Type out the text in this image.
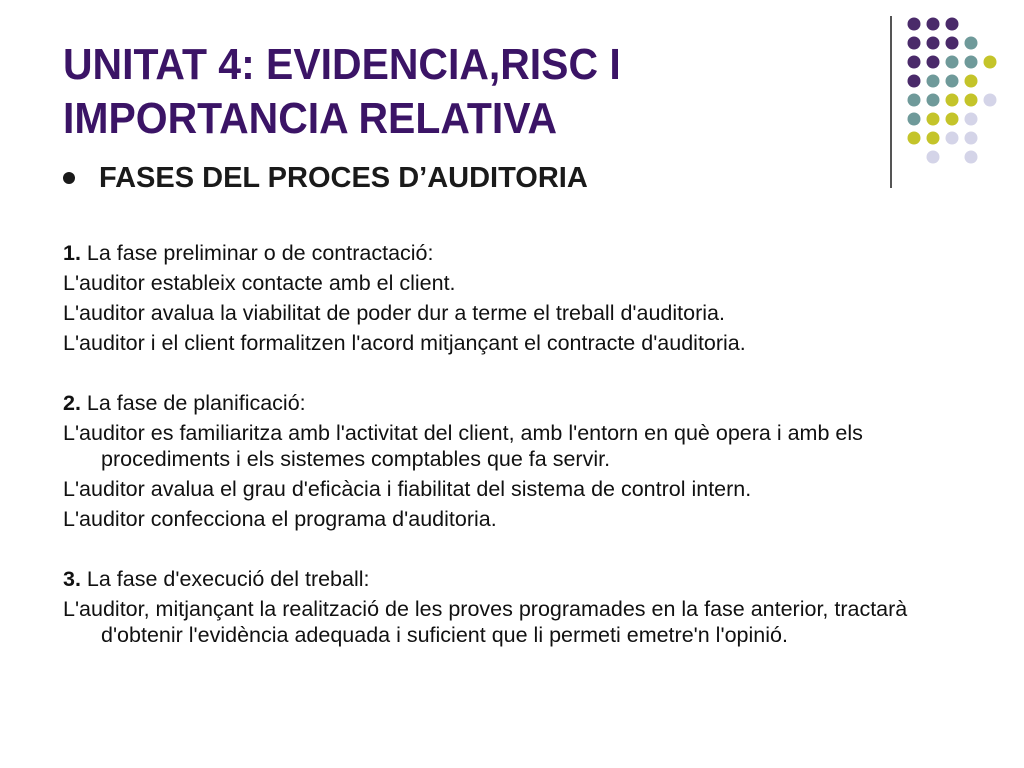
UNITAT 4: EVIDENCIA,RISC I
IMPORTANCIA RELATIVA
FASES DEL PROCES D’AUDITORIA

1. La fase preliminar o de contractació:

L'auditor estableix contacte amb el client.

L'auditor avalua la viabilitat de poder dur a terme el treball d'auditoria.

L'auditor i el client formalitzen l'acord mitjançant el contracte d'auditoria.

2. La fase de planificació:

L'auditor es familiaritza amb l'activitat del client, amb l'entorn en què opera i amb els procediments i els sistemes comptables que fa servir.

L'auditor avalua el grau d'eficàcia i fiabilitat del sistema de control intern.

L'auditor confecciona el programa d'auditoria.

3. La fase d'execució del treball:

L'auditor, mitjançant la realització de les proves programades en la fase anterior, tractarà d'obtenir l'evidència adequada i suficient que li permeti emetre'n l'opinió.
